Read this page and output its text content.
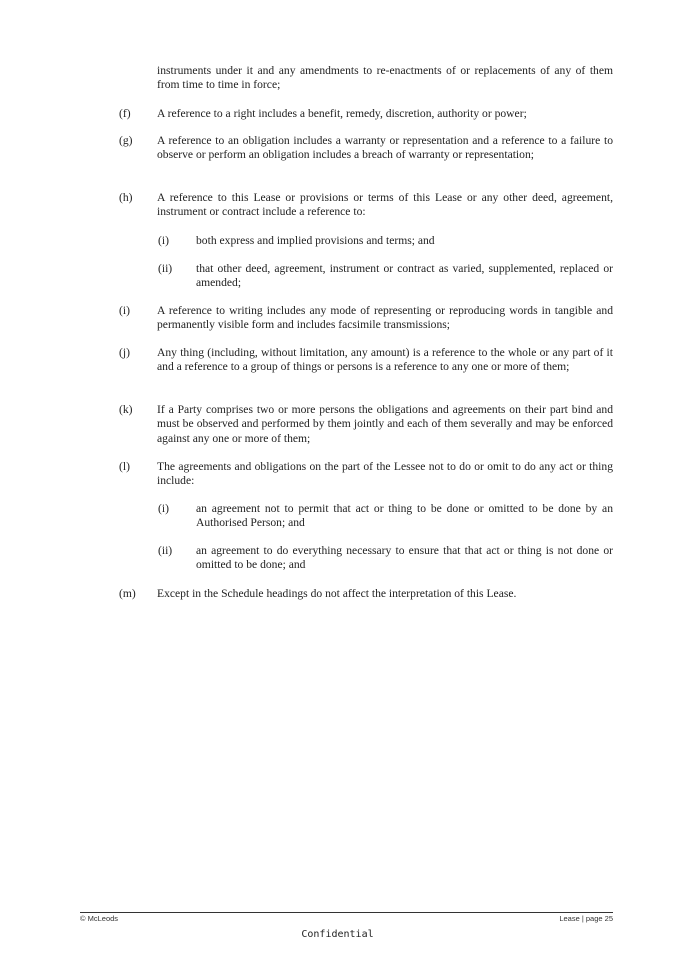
instruments under it and any amendments to re-enactments of or replacements of any of them from time to time in force;
(f) A reference to a right includes a benefit, remedy, discretion, authority or power;
(g) A reference to an obligation includes a warranty or representation and a reference to a failure to observe or perform an obligation includes a breach of warranty or representation;
(h) A reference to this Lease or provisions or terms of this Lease or any other deed, agreement, instrument or contract include a reference to:
(i) both express and implied provisions and terms; and
(ii) that other deed, agreement, instrument or contract as varied, supplemented, replaced or amended;
(i) A reference to writing includes any mode of representing or reproducing words in tangible and permanently visible form and includes facsimile transmissions;
(j) Any thing (including, without limitation, any amount) is a reference to the whole or any part of it and a reference to a group of things or persons is a reference to any one or more of them;
(k) If a Party comprises two or more persons the obligations and agreements on their part bind and must be observed and performed by them jointly and each of them severally and may be enforced against any one or more of them;
(l) The agreements and obligations on the part of the Lessee not to do or omit to do any act or thing include:
(i) an agreement not to permit that act or thing to be done or omitted to be done by an Authorised Person; and
(ii) an agreement to do everything necessary to ensure that that act or thing is not done or omitted to be done; and
(m) Except in the Schedule headings do not affect the interpretation of this Lease.
© McLeods	Lease | page 25
Confidential
